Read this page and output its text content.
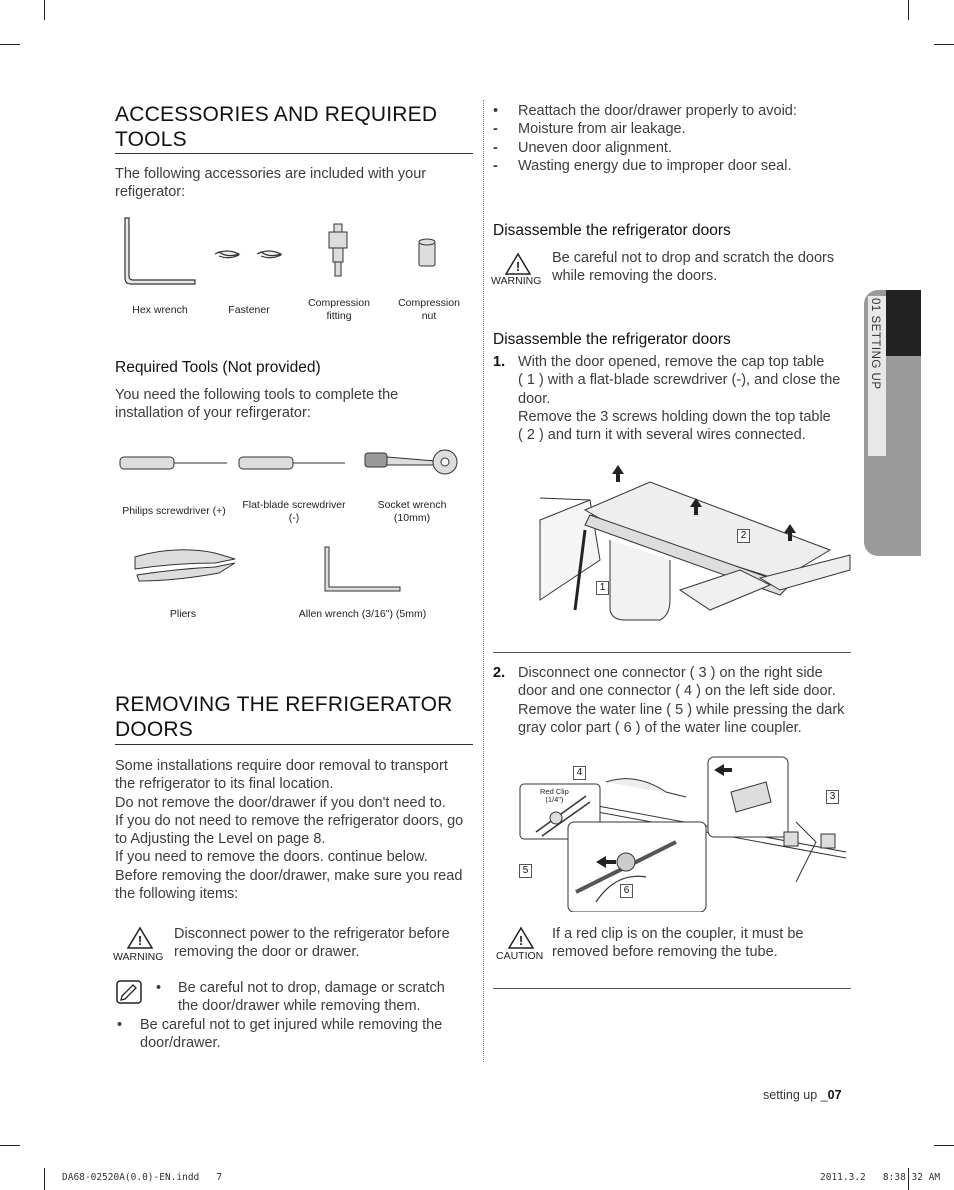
ACCESSORIES AND REQUIRED
TOOLS

The following accessories are included with your
refigerator:

Hex wrench	Fastener
Compression
fitting
Compression
nut
Required Tools (Not provided)

You need the following tools to complete the
installation of your refirgerator:

Philips screwdriver (+)	Flat-blade screwdriver
(-)
Socket wrench
(10mm)
Pliers	Allen wrench (3/16") (5mm)
REMOVING THE REFRIGERATOR
DOORS

Some installations require door removal to transport
the refrigerator to its final location.
Do not remove the door/drawer if you don't need to.
If you do not need to remove the refrigerator doors, go
to Adjusting the Level on page 8.
If you need to remove the doors. continue below.
Before removing the door/drawer, make sure you read
the following items:

!
WARNING

Disconnect power to the refrigerator before
removing the door or drawer.

• Be careful not to drop, damage or scratch
the door/drawer while removing them.

• Be careful not to get injured while removing the
door/drawer.

• Reattach the door/drawer properly to avoid:

- Moisture from air leakage.

- Uneven door alignment.

- Wasting energy due to improper door seal.

Disassemble the refrigerator doors
!
WARNING

Be careful not to drop and scratch the doors
while removing the doors.

Disassemble the refrigerator doors
1. With the door opened, remove the cap top table
( 1 ) with a flat-blade screwdriver (-), and close the
door.
Remove the 3 screws holding down the top table
( 2 ) and turn it with several wires connected.

1
2
2. Disconnect one connector ( 3 ) on the right side
door and one connector ( 4 ) on the left side door.
Remove the water line ( 5 ) while pressing the dark
gray color part ( 6 ) of the water line coupler.

Red Clip
(1/4")
4
3
5
6
!
CAUTION

If a red clip is on the coupler, it must be
removed before removing the tube.

01 SETTING UP
setting up _07
DA68-02520A(0.0)-EN.indd   7	2011.3.2   8:38:32 AM
